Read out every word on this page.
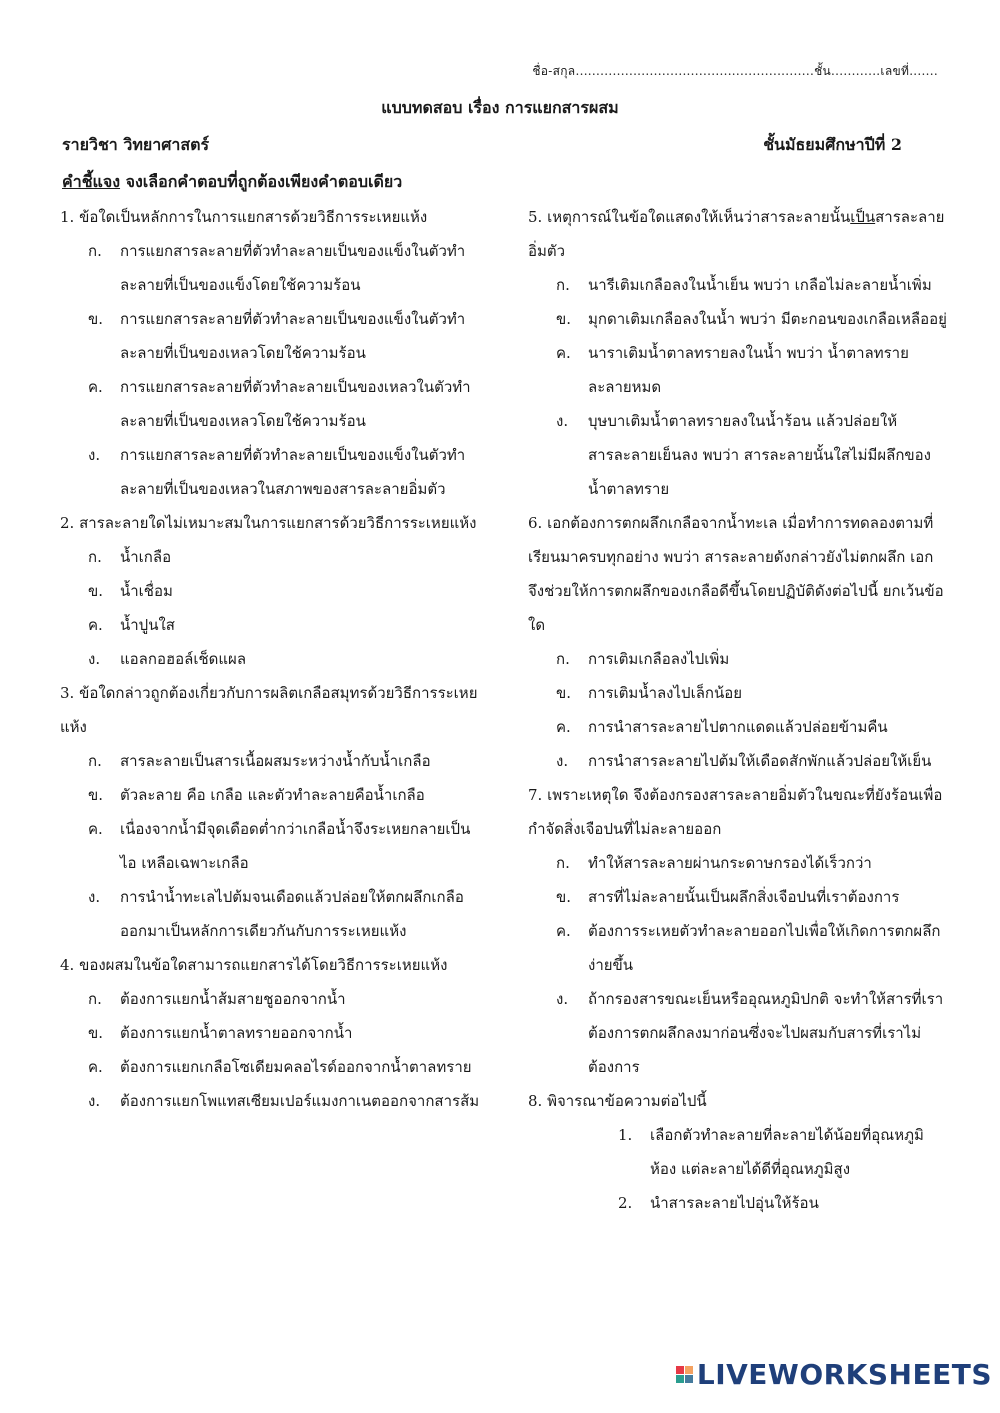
ชื่อ-สกุล..........................................................ชั้น............เลขที่.......
แบบทดสอบ เรื่อง การแยกสารผสม
รายวิชา วิทยาศาสตร์	ชั้นมัธยมศึกษาปีที่ 2
คำชี้แจง จงเลือกคำตอบที่ถูกต้องเพียงคำตอบเดียว

1. ข้อใดเป็นหลักการในการแยกสารด้วยวิธีการระเหยแห้ง

ก.	การแยกสารละลายที่ตัวทำละลายเป็นของแข็งในตัวทำละลายที่เป็นของแข็งโดยใช้ความร้อน
ข.	การแยกสารละลายที่ตัวทำละลายเป็นของแข็งในตัวทำละลายที่เป็นของเหลวโดยใช้ความร้อน
ค.	การแยกสารละลายที่ตัวทำละลายเป็นของเหลวในตัวทำละลายที่เป็นของเหลวโดยใช้ความร้อน
ง.	การแยกสารละลายที่ตัวทำละลายเป็นของแข็งในตัวทำละลายที่เป็นของเหลวในสภาพของสารละลายอิ่มตัว

2. สารละลายใดไม่เหมาะสมในการแยกสารด้วยวิธีการระเหยแห้ง

ก.	น้ำเกลือ
ข.	น้ำเชื่อม
ค.	น้ำปูนใส
ง.	แอลกอฮอล์เช็ดแผล

3. ข้อใดกล่าวถูกต้องเกี่ยวกับการผลิตเกลือสมุทรด้วยวิธีการระเหยแห้ง

ก.	สารละลายเป็นสารเนื้อผสมระหว่างน้ำกับน้ำเกลือ
ข.	ตัวละลาย คือ เกลือ และตัวทำละลายคือน้ำเกลือ
ค.	เนื่องจากน้ำมีจุดเดือดต่ำกว่าเกลือน้ำจึงระเหยกลายเป็นไอ เหลือเฉพาะเกลือ
ง.	การนำน้ำทะเลไปต้มจนเดือดแล้วปล่อยให้ตกผลึกเกลือออกมาเป็นหลักการเดียวกันกับการระเหยแห้ง

4. ของผสมในข้อใดสามารถแยกสารได้โดยวิธีการระเหยแห้ง

ก.	ต้องการแยกน้ำส้มสายชูออกจากน้ำ
ข.	ต้องการแยกน้ำตาลทรายออกจากน้ำ
ค.	ต้องการแยกเกลือโซเดียมคลอไรด์ออกจากน้ำตาลทราย
ง.	ต้องการแยกโพแทสเซียมเปอร์แมงกาเนตออกจากสารส้ม

5. เหตุการณ์ในข้อใดแสดงให้เห็นว่าสารละลายนั้นเป็นสารละลายอิ่มตัว

ก.	นารีเติมเกลือลงในน้ำเย็น พบว่า เกลือไม่ละลายน้ำเพิ่ม
ข.	มุกดาเติมเกลือลงในน้ำ พบว่า มีตะกอนของเกลือเหลืออยู่
ค.	นาราเติมน้ำตาลทรายลงในน้ำ พบว่า น้ำตาลทรายละลายหมด
ง.	บุษบาเติมน้ำตาลทรายลงในน้ำร้อน แล้วปล่อยให้สารละลายเย็นลง พบว่า สารละลายนั้นใสไม่มีผลึกของน้ำตาลทราย

6. เอกต้องการตกผลึกเกลือจากน้ำทะเล เมื่อทำการทดลองตามที่เรียนมาครบทุกอย่าง พบว่า สารละลายดังกล่าวยังไม่ตกผลึก เอกจึงช่วยให้การตกผลึกของเกลือดีขึ้นโดยปฏิบัติดังต่อไปนี้ ยกเว้นข้อใด

ก.	การเติมเกลือลงไปเพิ่ม
ข.	การเติมน้ำลงไปเล็กน้อย
ค.	การนำสารละลายไปตากแดดแล้วปล่อยข้ามคืน
ง.	การนำสารละลายไปต้มให้เดือดสักพักแล้วปล่อยให้เย็น

7. เพราะเหตุใด จึงต้องกรองสารละลายอิ่มตัวในขณะที่ยังร้อนเพื่อกำจัดสิ่งเจือปนที่ไม่ละลายออก

ก.	ทำให้สารละลายผ่านกระดาษกรองได้เร็วกว่า
ข.	สารที่ไม่ละลายนั้นเป็นผลึกสิ่งเจือปนที่เราต้องการ
ค.	ต้องการระเหยตัวทำละลายออกไปเพื่อให้เกิดการตกผลึกง่ายขึ้น
ง.	ถ้ากรองสารขณะเย็นหรืออุณหภูมิปกติ จะทำให้สารที่เราต้องการตกผลึกลงมาก่อนซึ่งจะไปผสมกับสารที่เราไม่ต้องการ

8. พิจารณาข้อความต่อไปนี้

1.	เลือกตัวทำละลายที่ละลายได้น้อยที่อุณหภูมิห้อง แต่ละลายได้ดีที่อุณหภูมิสูง
2.	นำสารละลายไปอุ่นให้ร้อน
LIVEWORKSHEETS
